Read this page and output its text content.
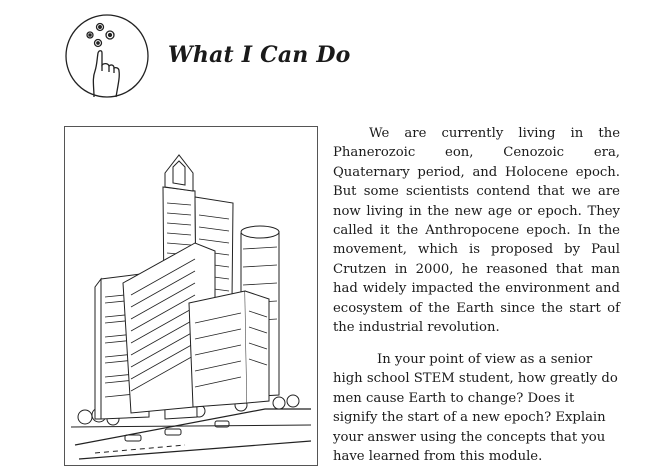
What I Can Do

We are currently living in the Phanerozoic eon, Cenozoic era, Quaternary period, and Holocene epoch. But some scientists contend that we are now living in the new age or epoch. They called it the Anthropocene epoch. In the movement, which is proposed by Paul Crutzen in 2000, he reasoned that man had widely impacted the environment and ecosystem of the Earth since the start of the industrial revolution.

In your point of view as a senior high school STEM student, how greatly do men cause Earth to change? Does it signify the start of a new epoch? Explain your answer using the concepts that you have learned from this module.
